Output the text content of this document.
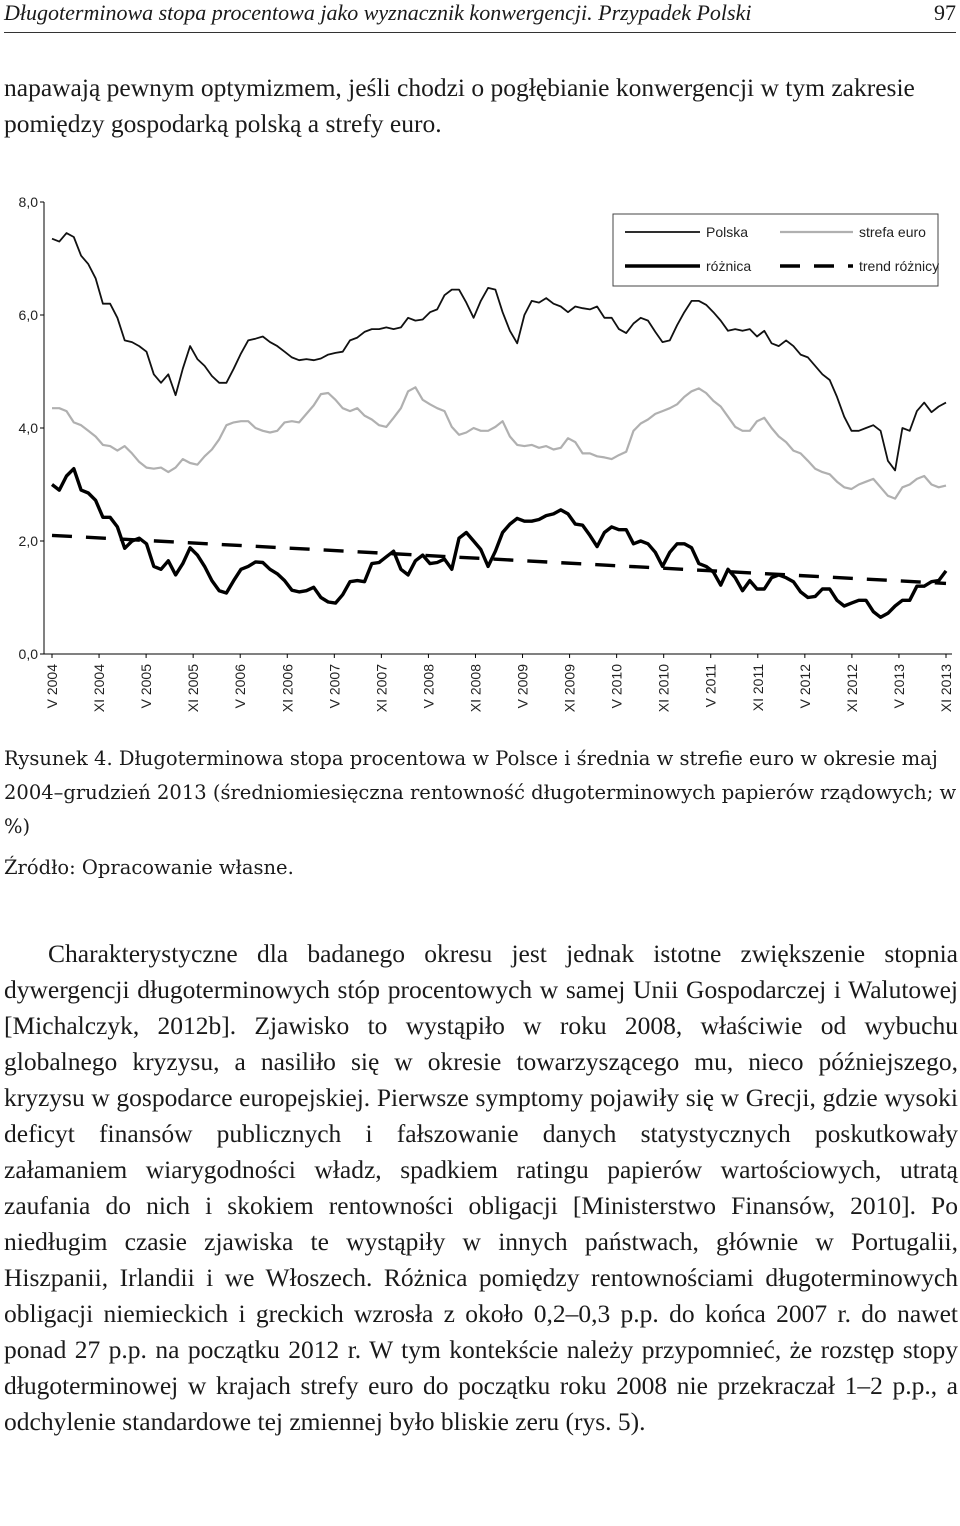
Długoterminowa stopa procentowa jako wyznacznik konwergencji. Przypadek Polski	97

napawają pewnym optymizmem, jeśli chodzi o pogłębianie konwergencji w tym zakresie pomiędzy gospodarką polską a strefy euro.

8,0
6,0
4,0
2,0
0,0
V 2004 XI 2004 V 2005 XI 2005 V 2006 XI 2006 V 2007 XI 2007 V 2008 XI 2008 V 2009 XI 2009 V 2010 XI 2010 V 2011 XI 2011 V 2012 XI 2012 V 2013 XI 2013
Polska	strefa euro
różnica	trend różnicy

Rysunek 4. Długoterminowa stopa procentowa w Polsce i średnia w strefie euro w okresie maj 2004–grudzień 2013 (średniomiesięczna rentowność długoterminowych papierów rządowych; w %)

Źródło: Opracowanie własne.

Charakterystyczne dla badanego okresu jest jednak istotne zwiększenie stopnia dywergencji długoterminowych stóp procentowych w samej Unii Gospodarczej i Walutowej [Michalczyk, 2012b]. Zjawisko to wystąpiło w roku 2008, właściwie od wybuchu globalnego kryzysu, a nasiliło się w okresie towarzyszącego mu, nieco późniejszego, kryzysu w gospodarce europejskiej. Pierwsze symptomy pojawiły się w Grecji, gdzie wysoki deficyt finansów publicznych i fałszowanie danych statystycznych poskutkowały załamaniem wiarygodności władz, spadkiem ratingu papierów wartościowych, utratą zaufania do nich i skokiem rentowności obligacji [Ministerstwo Finansów, 2010]. Po niedługim czasie zjawiska te wystąpiły w innych państwach, głównie w Portugalii, Hiszpanii, Irlandii i we Włoszech. Różnica pomiędzy rentownościami długoterminowych obligacji niemieckich i greckich wzrosła z około 0,2–0,3 p.p. do końca 2007 r. do nawet ponad 27 p.p. na początku 2012 r. W tym kontekście należy przypomnieć, że rozstęp stopy długoterminowej w krajach strefy euro do początku roku 2008 nie przekraczał 1–2 p.p., a odchylenie standardowe tej zmiennej było bliskie zeru (rys. 5).
